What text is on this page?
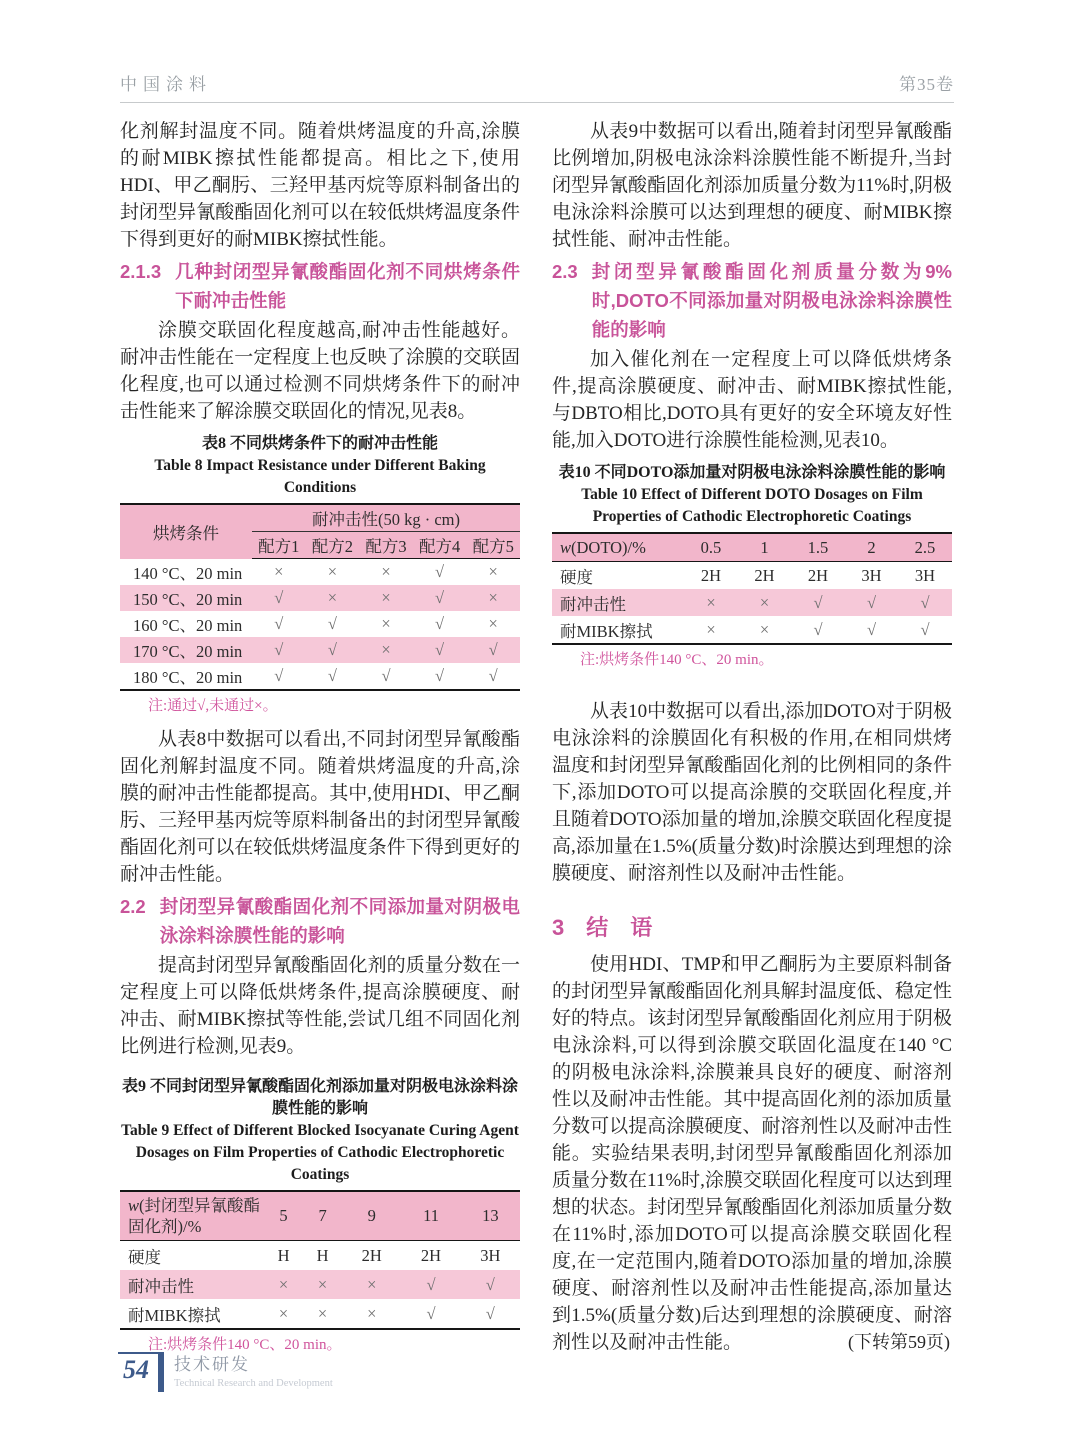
中国涂料	第35卷

化剂解封温度不同。随着烘烤温度的升高,涂膜的耐MIBK擦拭性能都提高。相比之下,使用HDI、甲乙酮肟、三羟甲基丙烷等原料制备出的封闭型异氰酸酯固化剂可以在较低烘烤温度条件下得到更好的耐MIBK擦拭性能。

2.1.3 几种封闭型异氰酸酯固化剂不同烘烤条件下耐冲击性能

涂膜交联固化程度越高,耐冲击性能越好。耐冲击性能在一定程度上也反映了涂膜的交联固化程度,也可以通过检测不同烘烤条件下的耐冲击性能来了解涂膜交联固化的情况,见表8。

表8 不同烘烤条件下的耐冲击性能
Table 8 Impact Resistance under Different Baking Conditions
烘烤条件	耐冲击性(50 kg · cm)				
	配方1	配方2	配方3	配方4	配方5
140 °C、20 min	×	×	×	√	×
150 °C、20 min	√	×	×	√	×
160 °C、20 min	√	√	×	√	×
170 °C、20 min	√	√	×	√	√
180 °C、20 min	√	√	√	√	√
注:通过√,未通过×。

从表8中数据可以看出,不同封闭型异氰酸酯固化剂解封温度不同。随着烘烤温度的升高,涂膜的耐冲击性能都提高。其中,使用HDI、甲乙酮肟、三羟甲基丙烷等原料制备出的封闭型异氰酸酯固化剂可以在较低烘烤温度条件下得到更好的耐冲击性能。

2.2 封闭型异氰酸酯固化剂不同添加量对阴极电泳涂料涂膜性能的影响

提高封闭型异氰酸酯固化剂的质量分数在一定程度上可以降低烘烤条件,提高涂膜硬度、耐冲击、耐MIBK擦拭等性能,尝试几组不同固化剂比例进行检测,见表9。

表9 不同封闭型异氰酸酯固化剂添加量对阴极电泳涂料涂膜性能的影响
Table 9 Effect of Different Blocked Isocyanate Curing Agent Dosages on Film Properties of Cathodic Electrophoretic Coatings
w(封闭型异氰酸酯固化剂)/%	5	7	9	11	13
硬度	H	H	2H	2H	3H
耐冲击性	×	×	×	√	√
耐MIBK擦拭	×	×	×	√	√
注:烘烤条件140 °C、20 min。

从表9中数据可以看出,随着封闭型异氰酸酯比例增加,阴极电泳涂料涂膜性能不断提升,当封闭型异氰酸酯固化剂添加质量分数为11%时,阴极电泳涂料涂膜可以达到理想的硬度、耐MIBK擦拭性能、耐冲击性能。

2.3 封闭型异氰酸酯固化剂质量分数为9%时,DOTO不同添加量对阴极电泳涂料涂膜性能的影响

加入催化剂在一定程度上可以降低烘烤条件,提高涂膜硬度、耐冲击、耐MIBK擦拭性能,与DBTO相比,DOTO具有更好的安全环境友好性能,加入DOTO进行涂膜性能检测,见表10。

表10 不同DOTO添加量对阴极电泳涂料涂膜性能的影响
Table 10 Effect of Different DOTO Dosages on Film Properties of Cathodic Electrophoretic Coatings
w(DOTO)/%	0.5	1	1.5	2	2.5
硬度	2H	2H	2H	3H	3H
耐冲击性	×	×	√	√	√
耐MIBK擦拭	×	×	√	√	√
注:烘烤条件140 °C、20 min。

从表10中数据可以看出,添加DOTO对于阴极电泳涂料的涂膜固化有积极的作用,在相同烘烤温度和封闭型异氰酸酯固化剂的比例相同的条件下,添加DOTO可以提高涂膜的交联固化程度,并且随着DOTO添加量的增加,涂膜交联固化程度提高,添加量在1.5%(质量分数)时涂膜达到理想的涂膜硬度、耐溶剂性以及耐冲击性能。

3 结　语

使用HDI、TMP和甲乙酮肟为主要原料制备的封闭型异氰酸酯固化剂具解封温度低、稳定性好的特点。该封闭型异氰酸酯固化剂应用于阴极电泳涂料,可以得到涂膜交联固化温度在140 °C的阴极电泳涂料,涂膜兼具良好的硬度、耐溶剂性以及耐冲击性能。其中提高固化剂的添加质量分数可以提高涂膜硬度、耐溶剂性以及耐冲击性能。实验结果表明,封闭型异氰酸酯固化剂添加质量分数在11%时,涂膜交联固化程度可以达到理想的状态。封闭型异氰酸酯固化剂添加质量分数在11%时,添加DOTO可以提高涂膜交联固化程度,在一定范围内,随着DOTO添加量的增加,涂膜硬度、耐溶剂性以及耐冲击性能提高,添加量达到1.5%(质量分数)后达到理想的涂膜硬度、耐溶剂性以及耐冲击性能。	(下转第59页)
54	技术研发
Technical Research and Development
